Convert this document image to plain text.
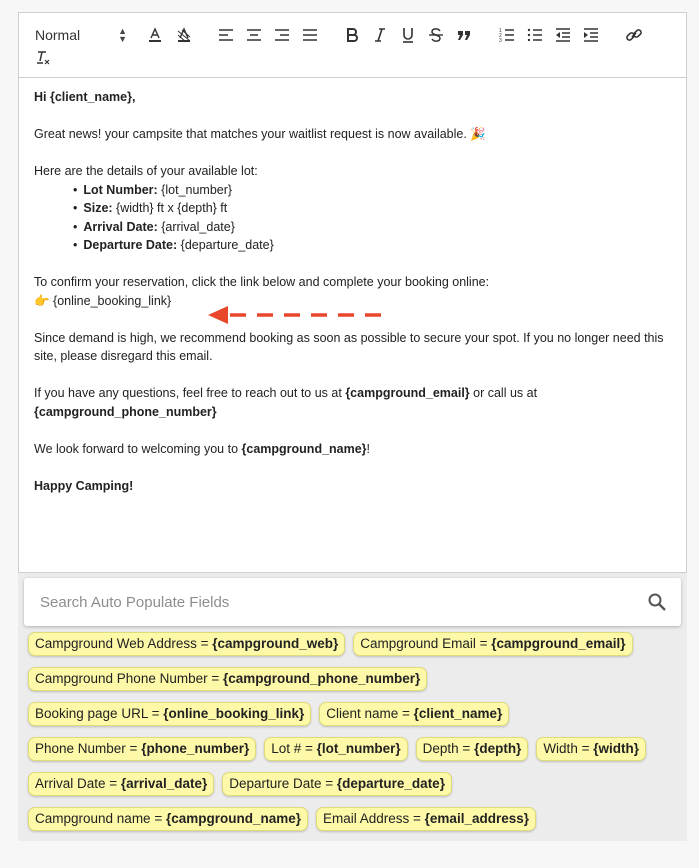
Normal	▲
▼
1
2
3

Hi {client_name},

Great news! your campsite that matches your waitlist request is now available. 🎉

Here are the details of your available lot:

• Lot Number: {lot_number}
• Size: {width} ft x {depth} ft
• Arrival Date: {arrival_date}
• Departure Date: {departure_date}

To confirm your reservation, click the link below and complete your booking online:

👉 {online_booking_link}

Since demand is high, we recommend booking as soon as possible to secure your spot. If you no longer need this site, please disregard this email.

If you have any questions, feel free to reach out to us at {campground_email} or call us at
{campground_phone_number}

We look forward to welcoming you to {campground_name}!

Happy Camping!

Search Auto Populate Fields
Campground Web Address = {campground_web}	Campground Email = {campground_email}
Campground Phone Number = {campground_phone_number}
Booking page URL = {online_booking_link}	Client name = {client_name}
Phone Number = {phone_number}	Lot # = {lot_number}	Depth = {depth}	Width = {width}
Arrival Date = {arrival_date}	Departure Date = {departure_date}
Campground name = {campground_name}	Email Address = {email_address}
